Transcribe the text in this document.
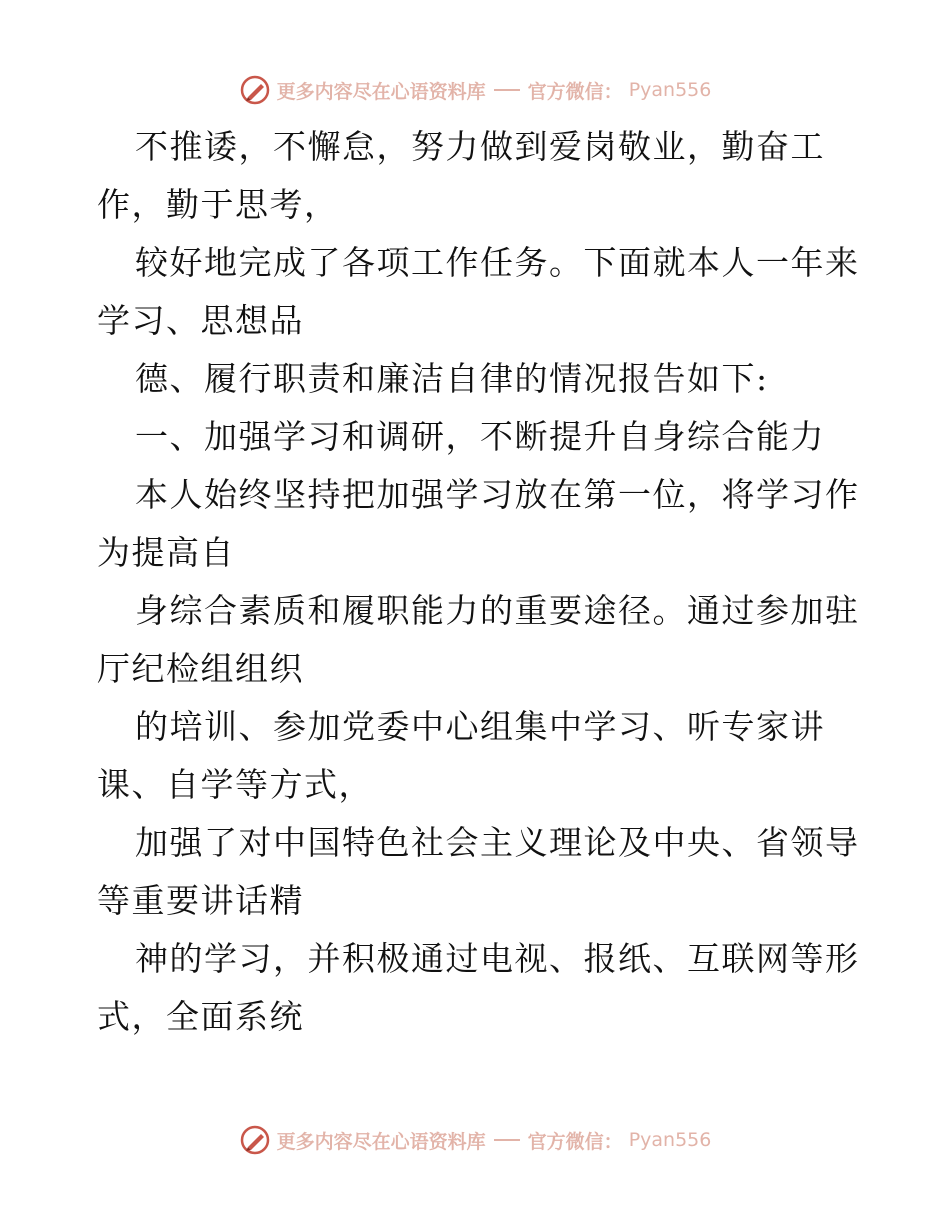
更多内容尽在心语资料库 官方微信： Pyan556
不推诿，不懈怠，努力做到爱岗敬业，勤奋工
作，勤于思考，
较好地完成了各项工作任务。下面就本人一年来
学习、思想品
德、履行职责和廉洁自律的情况报告如下:
一、加强学习和调研，不断提升自身综合能力
本人始终坚持把加强学习放在第一位，将学习作
为提高自
身综合素质和履职能力的重要途径。通过参加驻
厅纪检组组织
的培训、参加党委中心组集中学习、听专家讲
课、自学等方式，
加强了对中国特色社会主义理论及中央、省领导
等重要讲话精
神的学习，并积极通过电视、报纸、互联网等形
式，全面系统
更多内容尽在心语资料库 官方微信： Pyan556
